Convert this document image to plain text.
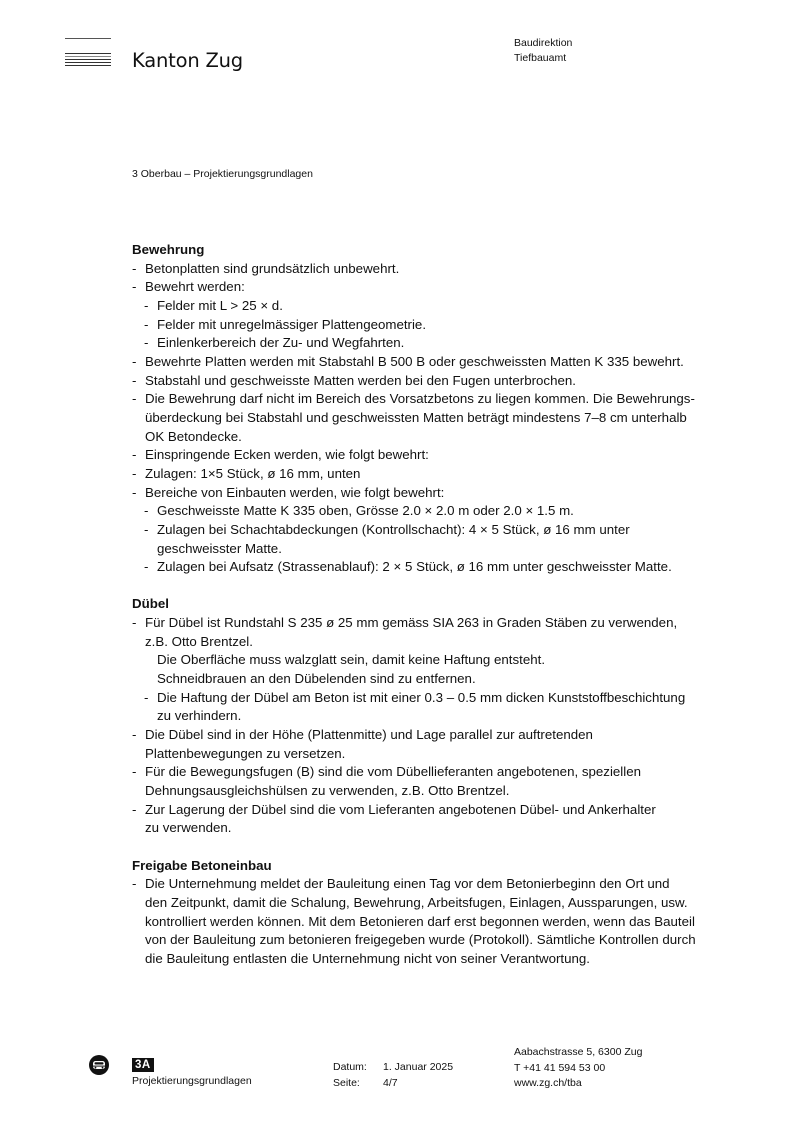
Kanton Zug
Baudirektion
Tiefbauamt
3 Oberbau – Projektierungsgrundlagen
Bewehrung
- Betonplatten sind grundsätzlich unbewehrt.
- Bewehrt werden:
- Felder mit L > 25 × d.
- Felder mit unregelmässiger Plattengeometrie.
- Einlenkerbereich der Zu- und Wegfahrten.
- Bewehrte Platten werden mit Stabstahl B 500 B oder geschweissten Matten K 335 bewehrt.
- Stabstahl und geschweisste Matten werden bei den Fugen unterbrochen.
- Die Bewehrung darf nicht im Bereich des Vorsatzbetons zu liegen kommen. Die Bewehrungs-
überdeckung bei Stabstahl und geschweissten Matten beträgt mindestens 7–8 cm unterhalb
OK Betondecke.
- Einspringende Ecken werden, wie folgt bewehrt:
- Zulagen: 1×5 Stück, ø 16 mm, unten
- Bereiche von Einbauten werden, wie folgt bewehrt:
- Geschweisste Matte K 335 oben, Grösse 2.0 × 2.0 m oder 2.0 × 1.5 m.
- Zulagen bei Schachtabdeckungen (Kontrollschacht): 4 × 5 Stück, ø 16 mm unter
geschweisster Matte.
- Zulagen bei Aufsatz (Strassenablauf): 2 × 5 Stück, ø 16 mm unter geschweisster Matte.
Dübel
- Für Dübel ist Rundstahl S 235 ø 25 mm gemäss SIA 263 in Graden Stäben zu verwenden,
z.B. Otto Brentzel.
Die Oberfläche muss walzglatt sein, damit keine Haftung entsteht.
Schneidbrauen an den Dübelenden sind zu entfernen.
- Die Haftung der Dübel am Beton ist mit einer 0.3 – 0.5 mm dicken Kunststoffbeschichtung
zu verhindern.
- Die Dübel sind in der Höhe (Plattenmitte) und Lage parallel zur auftretenden
Plattenbewegungen zu versetzen.
- Für die Bewegungsfugen (B) sind die vom Dübellieferanten angebotenen, speziellen
Dehnungsausgleichshülsen zu verwenden, z.B. Otto Brentzel.
- Zur Lagerung der Dübel sind die vom Lieferanten angebotenen Dübel- und Ankerhalter
zu verwenden.
Freigabe Betoneinbau
- Die Unternehmung meldet der Bauleitung einen Tag vor dem Betonierbeginn den Ort und
den Zeitpunkt, damit die Schalung, Bewehrung, Arbeitsfugen, Einlagen, Aussparungen, usw.
kontrolliert werden können. Mit dem Betonieren darf erst begonnen werden, wenn das Bauteil
von der Bauleitung zum betonieren freigegeben wurde (Protokoll). Sämtliche Kontrollen durch
die Bauleitung entlasten die Unternehmung nicht von seiner Verantwortung.
3A
Projektierungsgrundlagen
Datum:	1. Januar 2025
Seite:	4/7
Aabachstrasse 5, 6300 Zug
T +41 41 594 53 00
www.zg.ch/tba
